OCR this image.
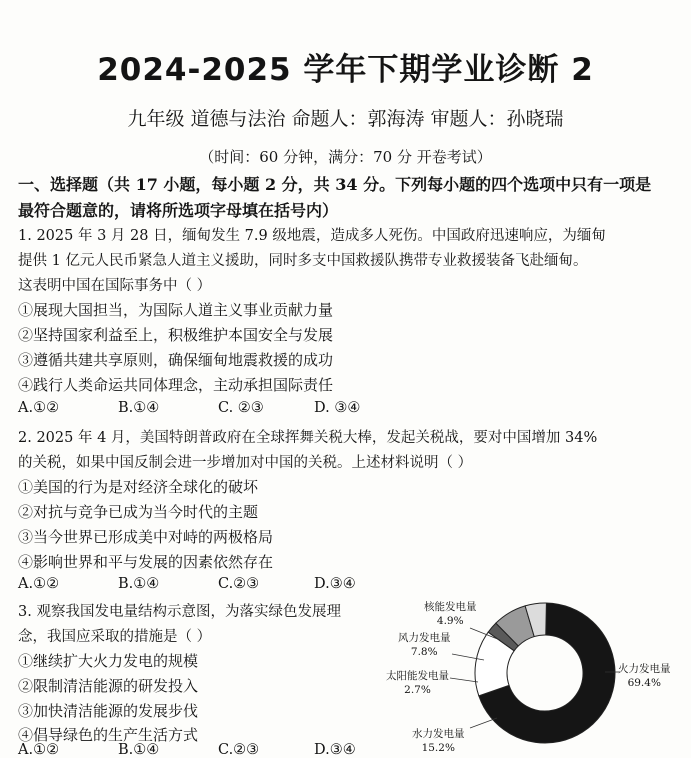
2024-2025 学年下期学业诊断 2
九年级 道德与法治 命题人：郭海涛 审题人：孙晓瑞
（时间：60 分钟，满分：70 分 开卷考试）
一、选择题（共 17 小题，每小题 2 分，共 34 分。下列每小题的四个选项中只有一项是
最符合题意的，请将所选项字母填在括号内）
1. 2025 年 3 月 28 日，缅甸发生 7.9 级地震，造成多人死伤。中国政府迅速响应，为缅甸
提供 1 亿元人民币紧急人道主义援助，同时多支中国救援队携带专业救援装备飞赴缅甸。
这表明中国在国际事务中（ ）
①展现大国担当，为国际人道主义事业贡献力量
②坚持国家利益至上，积极维护本国安全与发展
③遵循共建共享原则，确保缅甸地震救援的成功
④践行人类命运共同体理念，主动承担国际责任
A.①②	B.①④	C. ②③	D. ③④
2. 2025 年 4 月，美国特朗普政府在全球挥舞关税大棒，发起关税战，要对中国增加 34%
的关税，如果中国反制会进一步增加对中国的关税。上述材料说明（ ）
①美国的行为是对经济全球化的破坏
②对抗与竞争已成为当今时代的主题
③当今世界已形成美中对峙的两极格局
④影响世界和平与发展的因素依然存在
A.①②	B.①④	C.②③	D.③④
3. 观察我国发电量结构示意图，为落实绿色发展理
念，我国应采取的措施是（ ）
①继续扩大火力发电的规模
②限制清洁能源的研发投入
③加快清洁能源的发展步伐
④倡导绿色的生产生活方式
A.①②	B.①④	C.②③	D.③④
核能发电量
4.9%
风力发电量
7.8%
太阳能发电量
2.7%
火力发电量
69.4%
水力发电量
15.2%
